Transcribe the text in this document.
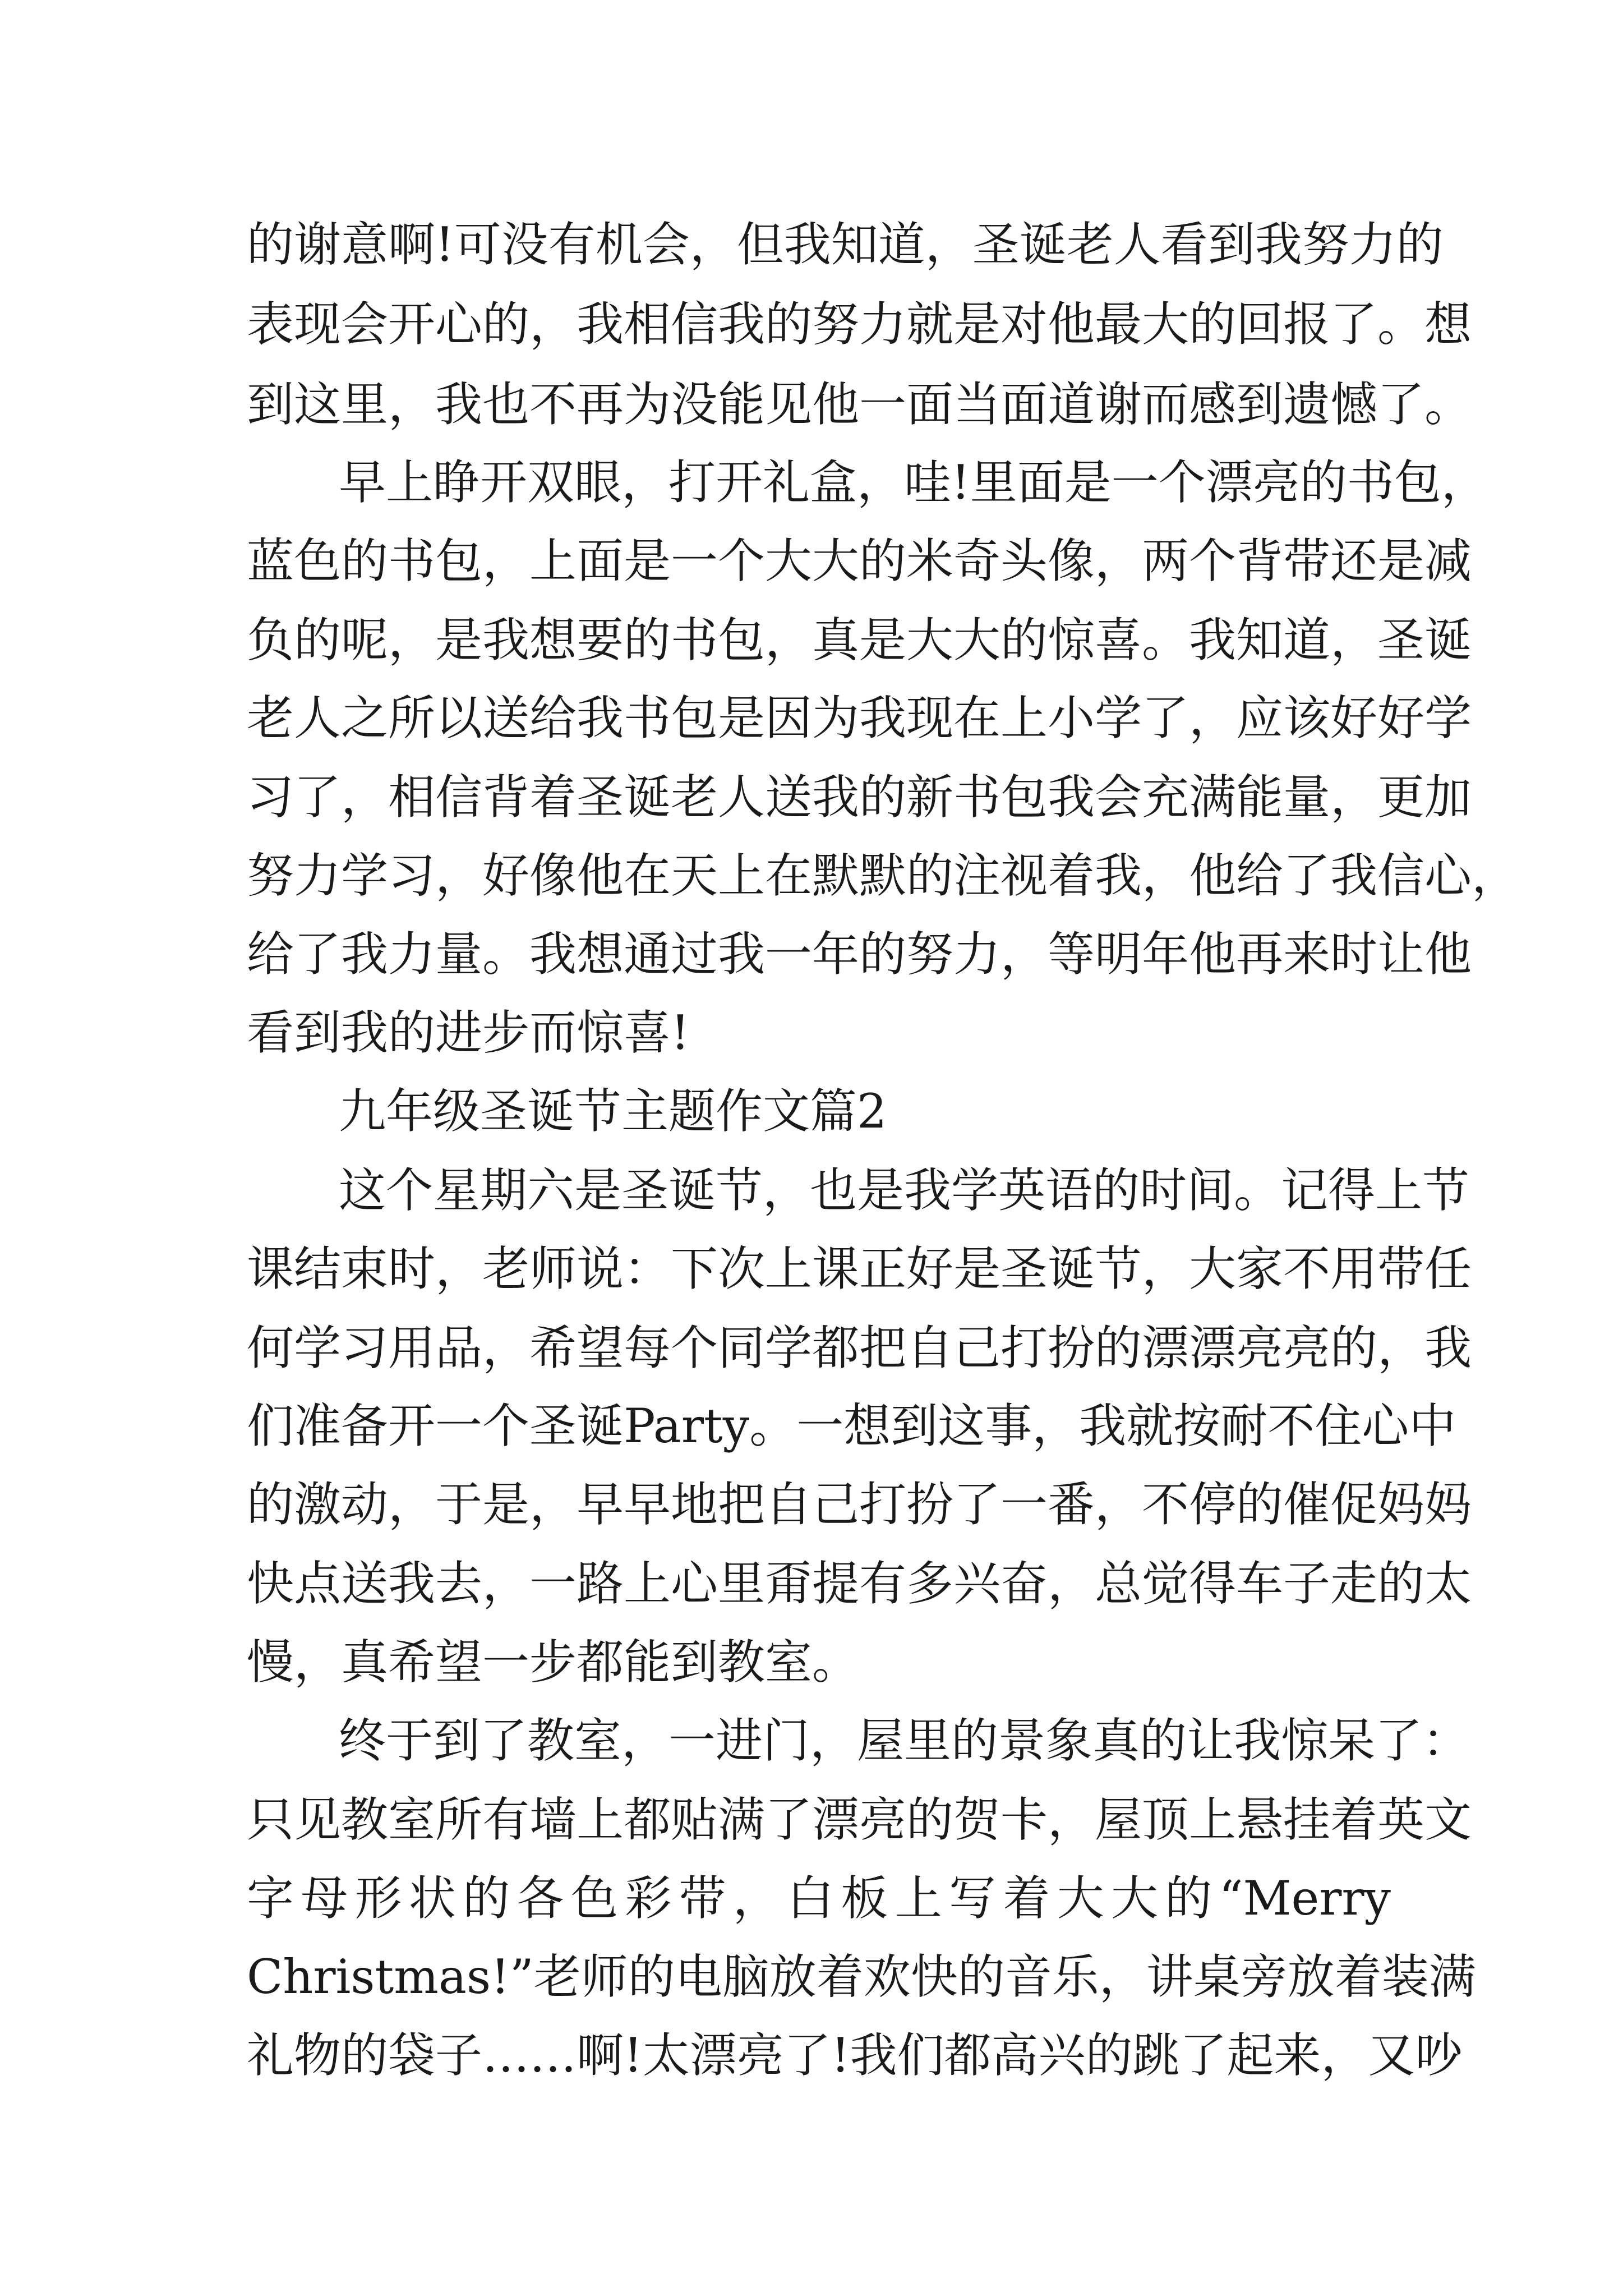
的谢意啊!可没有机会，但我知道，圣诞老人看到我努力的
表现会开心的，我相信我的努力就是对他最大的回报了。想
到这里，我也不再为没能见他一面当面道谢而感到遗憾了。
早上睁开双眼，打开礼盒，哇!里面是一个漂亮的书包，
蓝色的书包，上面是一个大大的米奇头像，两个背带还是减
负的呢，是我想要的书包，真是大大的惊喜。我知道，圣诞
老人之所以送给我书包是因为我现在上小学了，应该好好学
习了，相信背着圣诞老人送我的新书包我会充满能量，更加
努力学习，好像他在天上在默默的注视着我，他给了我信心，
给了我力量。我想通过我一年的努力，等明年他再来时让他
看到我的进步而惊喜!
九年级圣诞节主题作文篇2
这个星期六是圣诞节，也是我学英语的时间。记得上节
课结束时，老师说：下次上课正好是圣诞节，大家不用带任
何学习用品，希望每个同学都把自己打扮的漂漂亮亮的，我
们准备开一个圣诞Party。一想到这事，我就按耐不住心中
的激动，于是，早早地把自己打扮了一番，不停的催促妈妈
快点送我去，一路上心里甭提有多兴奋，总觉得车子走的太
慢，真希望一步都能到教室。
终于到了教室，一进门，屋里的景象真的让我惊呆了：
只见教室所有墙上都贴满了漂亮的贺卡，屋顶上悬挂着英文
字母形状的各色彩带，白板上写着大大的“Merry
Christmas!”老师的电脑放着欢快的音乐，讲桌旁放着装满
礼物的袋子……啊!太漂亮了!我们都高兴的跳了起来，又吵
